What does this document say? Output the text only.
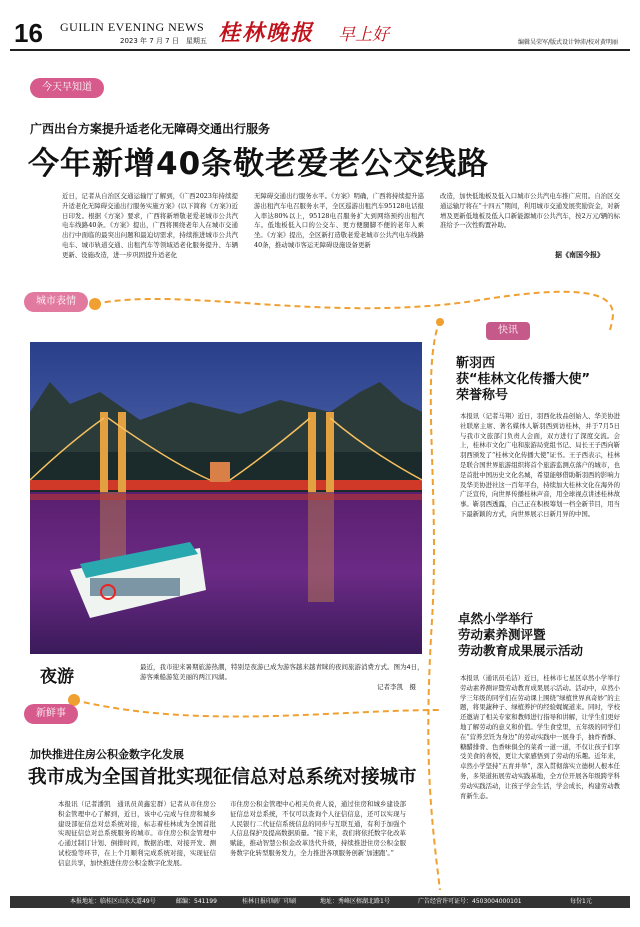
16 GUILIN EVENING NEWS
2023 年 7 月 7 日　星期五 桂林晚报 早上好	编辑吴荣军/版式设计钟沛/校对黄明丽
今天早知道
城市表情
新鲜事
快讯
广西出台方案提升适老化无障碍交通出行服务
今年新增40条敬老爱老公交线路

近日，记者从自治区交通运输厅了解到，《广西2023年持续提升适老化无障碍交通出行服务实施方案》(以下简称《方案》)近日印发。根据《方案》要求，广西将新增敬老爱老城市公共汽电车线路40条。《方案》提出，广西将围绕老年人在城市交通出行中面临的最突出问题和最迫切需求，持续推进城市公共汽电车、城市轨道交通、出租汽车等领域适老化服务提升、车辆更新、设施改造，进一步巩固提升适老化

无障碍交通出行服务水平。《方案》明确，广西将持续提升巡游出租汽车电召服务水平，全区巡游出租汽车95128电话报入率达80%以上，95128电召服务扩大到网络预约出租汽车。低地板低入口的公交车、更方便腿脚不便的老年人乘坐。《方案》提出，全区新打造敬老爱老城市公共汽电车线路40条，推动城市客运无障碍设施设备更新

改造，加快低地板及低入口城市公共汽电车推广应用。自治区交通运输厅将在“十四五”期间，利用城市交通发展奖励资金，对新增及更新低地板及低入口新能源城市公共汽车，按2万元/辆的标准给予一次性购置补助。

据《南国今报》
夜游	最近，我市迎来暑期旅游热潮，特别是夜游已成为游客越来越青睐的夜间旅游消费方式。图为4日，游客乘船游览美丽的两江四湖。
记者李凯　摄
靳羽西
获“桂林文化传播大使”
荣誉称号

本报讯（记者马翔）近日，羽西化妆品创始人、华美协进社联席主席、著名媒体人靳羽西到访桂林，并于7月5日与我市文旅部门负责人会面，双方进行了深度交流。会上，桂林市文化广电和旅游局党组书记、局长王子西向靳羽西颁发了“桂林文化传播大使”证书。王子西表示，桂林是联合国世界旅游组织将首个旅游监测点落户的城市，也是首批中国历史文化名城，希望能够借助靳羽西的影响力及华美协进社这一百年平台，持续加大桂林文化在海外的广泛宣传，向世界传播桂林声音，用全球视点讲述桂林故事。靳羽西透露，自己正在积极筹划一档全新节目，用当下最新颖的方式，向世界展示日新月异的中国。

卓然小学举行
劳动素养测评暨
劳动教育成果展示活动

本报讯（通讯员毛洁）近日，桂林市七星区卓然小学举行劳动素养测评暨劳动教育成果展示活动。活动中，卓然小学三年级的同学们在劳动课上围绕“绿植世界真奇妙”的主题，将果蔬种子、绿植养护的经验娓娓道来。同时，学校还邀请了相关专家和教师进行指导和讲解，让学生们更好地了解劳动的意义和价值。学生食堂里，五年级的同学们在“营养烹饪为身边”的劳动实践中一展身手，抽炸香酥、糖醋排骨、色香味俱全的菜肴一道一道，不仅让孩子们享受美食的喜悦，更让大家感悟到了劳动的乐趣。近年来，卓然小学坚持“五育并举”，深入贯彻落实立德树人根本任务，多渠道拓展劳动实践基地，全方位开展各年级跨学科劳动实践活动，让孩子学会生活，学会成长，构建劳动教育新生态。

加快推进住房公积金数字化发展
我市成为全国首批实现征信总对总系统对接城市

本报讯（记者潘凯　通讯员黄鑫宏群）记者从市住房公积金管理中心了解到，近日，该中心完成与住房和城乡建设部征信总对总系统对接，标志着桂林成为全国首批实现征信总对总系统服务的城市。市住房公积金管理中心通过制订计划、倒排时间，数据治理、对接开发、测试校验等环节，在上个月顺利完成系统对接，实现征信信息共享，加快推进住房公积金数字化发展。

市住房公积金管理中心相关负责人说，通过住房和城乡建设部征信总对总系统，不仅可以查询个人征信信息，还可以实现与人民银行二代征信系统信息的同步与互联互通，有利于加强个人信息保护及提高数据质量。“接下来，我们将依托数字化改革赋能，推动智慧公积金改革迭代升级，持续推进住房公积金服务数字化转型服务发力，全力推进各项服务创新‘加速跑’。”

本报地址：临桂区山水大道49号	邮编：541199	桂林日报印刷厂印刷	地址：秀峰区榕湖北路1号	广告经营许可证号：4503004000101	每份1元
